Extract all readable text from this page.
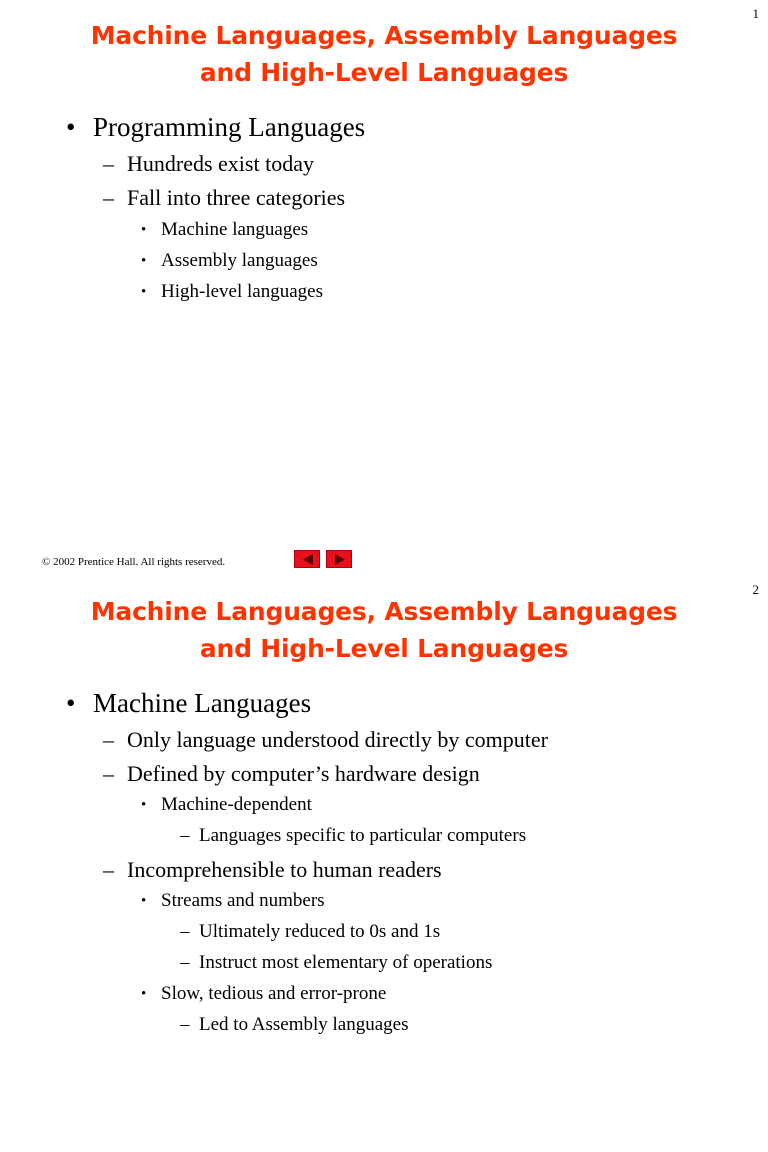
1
Machine Languages, Assembly Languages
and High-Level Languages
• Programming Languages
– Hundreds exist today
– Fall into three categories
• Machine languages
• Assembly languages
• High-level languages
© 2002 Prentice Hall. All rights reserved.
2
Machine Languages, Assembly Languages
and High-Level Languages
• Machine Languages
– Only language understood directly by computer
– Defined by computer’s hardware design
• Machine-dependent
– Languages specific to particular computers
– Incomprehensible to human readers
• Streams and numbers
– Ultimately reduced to 0s and 1s
– Instruct most elementary of operations
• Slow, tedious and error-prone
– Led to Assembly languages
